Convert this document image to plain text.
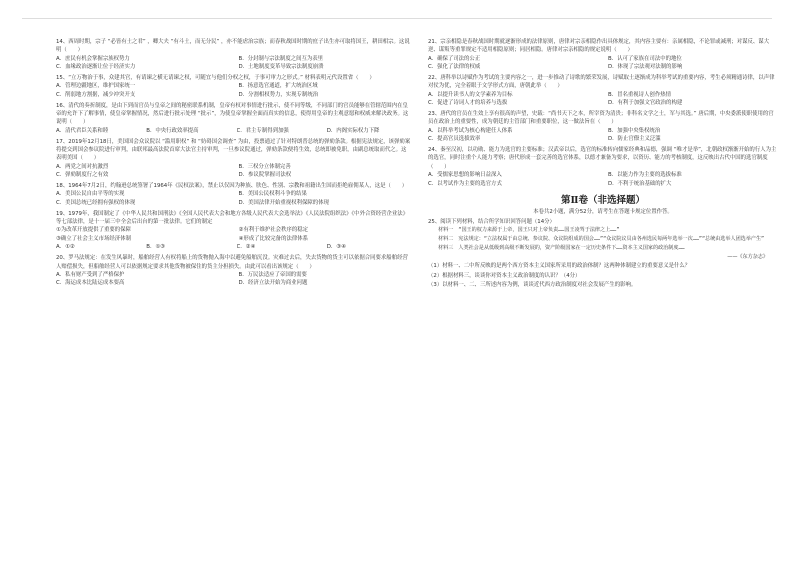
14、西周时期，宗子 “必皆有土之君” ，卿大夫 “有斗土，而无分民” ，亦不能虐治宗族；而春秋战国时期的庶子出生亦可取将国王，耕田相宗。这说明（　　）
A．庶民有机会掌握宗族权势力	B．分封制与宗法制度之间互为表里
C．血缘政治逐渐让位于经济实力	D．土地制度变革导致宗法制度崩溃
15、“立万物治于事，众建其官，有请谏之横无请谏之权，可随宜与他们分权之权，于事可审力之形式。” 材料表明元代设置省（　　）
A．管理边疆地区，维护国家统一	B．扬意选官通道，扩大统治区域
C．削弱地方割据，减少冲突开支	D．分割相权势力，实现专制统治
16、清代的奏折制度，是由下到而官员与皇帝之间的秘密联系机制，皇帝有权对事情进行批示，使不同等级，不同部门的官员能够在管辖范围内在皇帝的允许下了解事情，使皇帝掌握情况，然后进行批示处理 “批示”，为使皇帝掌握全面而真实的信息，使得用皇帝的主观意愿和权威来解决政务。这说明（　　）
A．清代君臣关系和睦	B．中央行政效率提高	C．君主专制得到加强	D．内阁实际权力下降
17、2019年12月18日，美国国会众议院以 “滥用职权” 和 “妨碍国会调查” 为由，投票通过了针对特朗普总统的弹劾条款。根据宪法规定，该弹劾案将提交到国会参议院进行审判，由联邦最高法院首席大法官主持审判，一旦参议院通过，弹劾条款便将生效，总统即被免职，由副总统取而代之。这表明美国（　　）
A．两党之间对抗激烈	B．三权分立体制完善
C．弹劾制度行之有效	D．参议院掌握司法权
18、1964年7月2日，约翰逊总统签署了1964年《民权法案》，禁止以仅因为种族、肤色、性别、宗教和祖籍出生国而拒绝雇佣某人，这是（　　）
A．美国公民自由平等的实现	B．美国公民权利斗争的结果
C．美国总统已经拥有强权的体现	D．美国法律开始重视权利保障的体现
19、1979年，我国制定了《中华人民共和国刑法》《全国人民代表大会和地方各级人民代表大会选举法》《人民法院组织法》《中外合资经营企业法》等七部法律，是十一届三中全会后出台的第一批法律。它们的制定
①为改革开放提供了重要的保障	②有利于维护社会秩序的稳定
③确立了社会主义市场经济体制	④形成了比较完备的法律体系
A．①②	B．①③	C．②④	D．③④
20、罗马法规定：在发生风暴时，船舶经营人有权将船上的货物抛入海中以避免船舶沉没。灾难过去后，失去货物的货主可以依据合同要求船舶经营人赔偿损失，但船舶经营人可以依据规定要求其他货物被保住的货主分担损失。由此可以看出该规定（　　）
A．私有财产受到了严格保护	B．万民法适应了帝国的需要
C．海运成本比陆运成本要高	D．经济立法开始为商业问题
21、宗亲相隐是春秋战国时期就逐渐形成的法律原则，唐律对宗亲相隐作出具体规定，其内容主要有：亲属相隐，不论罪或减刑；对谋反、谋大逆、谋叛等重罪规定不适用相隐原则；同居相隐。唐律对宗亲相隐的规定说明（　　）
A．确保了司法的公正	B．认可了家族在司法中的地位
C．强化了法律的权威	D．体现了宗法观对法制的影响
22、唐科举以诗赋作为考试的主要内容之一，进一步推动了诗歌的繁荣发展，诗赋取士逐渐成为科举考试的重要内容，考生必须精通诗律，以声律对仗为优，完全着眼于文学形式方面，唐朝此举（　　）
A．以提升读书人的文学素养为目标	B．冒名重视诗人创作热情
C．促进了诗词人才的培养与选拔	D．有利于加强文官政治的构建
23、唐代的官员在生效上享有很高的声望，史载：“尚书天下之本，所宰资为清贵；非科名文学之士，军与其选。” 唐后期，中央委派使职使用的官员在政治上的重要性，成为朝廷的主管部门和重要职位，这一做法旨在（　　）
A．以科举考试为核心构建任人体系	B．加强中央集权统治
C．提高官员选拔效率	D．防止官僚主义泛滥
24、秦至汉初，以功勋、能力为选官的主要标准；汉武帝以后，选官的标准转向儒家经典和品德，强调 “唯才是举”，北朝政权渐渐开始的行人为主的选官，同时注重个人能力考察；唐代形成一套完善的选官体系，以德才兼备为要求，以资历、能力的考核制度，这反映出古代中国的选官制度（　　）
A．受儒家思想的影响日益深入	B．以能力作为主要的选拔标准
C．以考试作为主要的选官方式	D．不利于统治基础的扩大
第Ⅱ卷（非选择题）
本卷共2小题，满分52分，请考生在答题卡规定位置作答。
25、阅读下列材料，结合所学知识回答问题（14分）
材料一　“国王的权力来源于上帝，国王只对上帝负责……国王凌驾于法律之上……”
材料二　宪法规定：“立法权属于由总统、参议院、众议院组成的国会……”“众议院议员由各州选民每两年选举一次……”“总统由选举人团选举产生”
材料三　人类社会是从低级到高级不断发展的，资产阶级国家在一定历史条件下……资本主义国家的政治制度……
——《东方杂志》
（1）材料一、二中所反映的是两个西方资本主义国家所采用的政治体制？这两种体制建立的重要意义是什么？
（2）根据材料三，谈谈你对资本主义政治制度的认识？（4分）
（3）以材料一、二、三所述内容为例，谈谈近代西方政治制度对社会发展产生的影响。
